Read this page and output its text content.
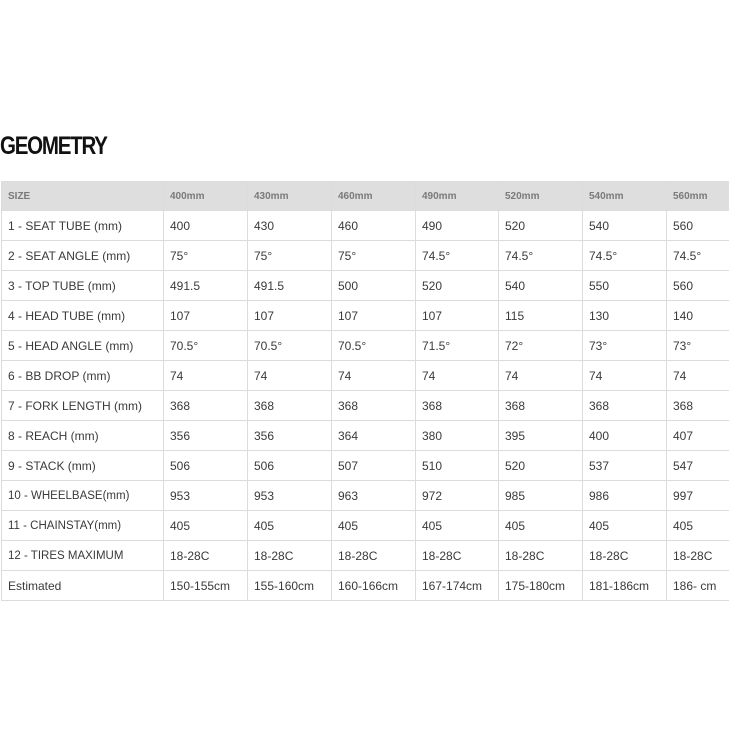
GEOMETRY
SIZE	400mm	430mm	460mm	490mm	520mm	540mm	560mm
1 - SEAT TUBE (mm)	400	430	460	490	520	540	560
2 - SEAT ANGLE (mm)	75°	75°	75°	74.5°	74.5°	74.5°	74.5°
3 - TOP TUBE (mm)	491.5	491.5	500	520	540	550	560
4 - HEAD TUBE (mm)	107	107	107	107	115	130	140
5 - HEAD ANGLE (mm)	70.5°	70.5°	70.5°	71.5°	72°	73°	73°
6 - BB DROP (mm)	74	74	74	74	74	74	74
7 - FORK LENGTH (mm)	368	368	368	368	368	368	368
8 - REACH (mm)	356	356	364	380	395	400	407
9 - STACK (mm)	506	506	507	510	520	537	547
10 - WHEELBASE(mm)	953	953	963	972	985	986	997
11 - CHAINSTAY(mm)	405	405	405	405	405	405	405
12 - TIRES MAXIMUM	18-28C	18-28C	18-28C	18-28C	18-28C	18-28C	18-28C
Estimated	150-155cm	155-160cm	160-166cm	167-174cm	175-180cm	181-186cm	186- cm
